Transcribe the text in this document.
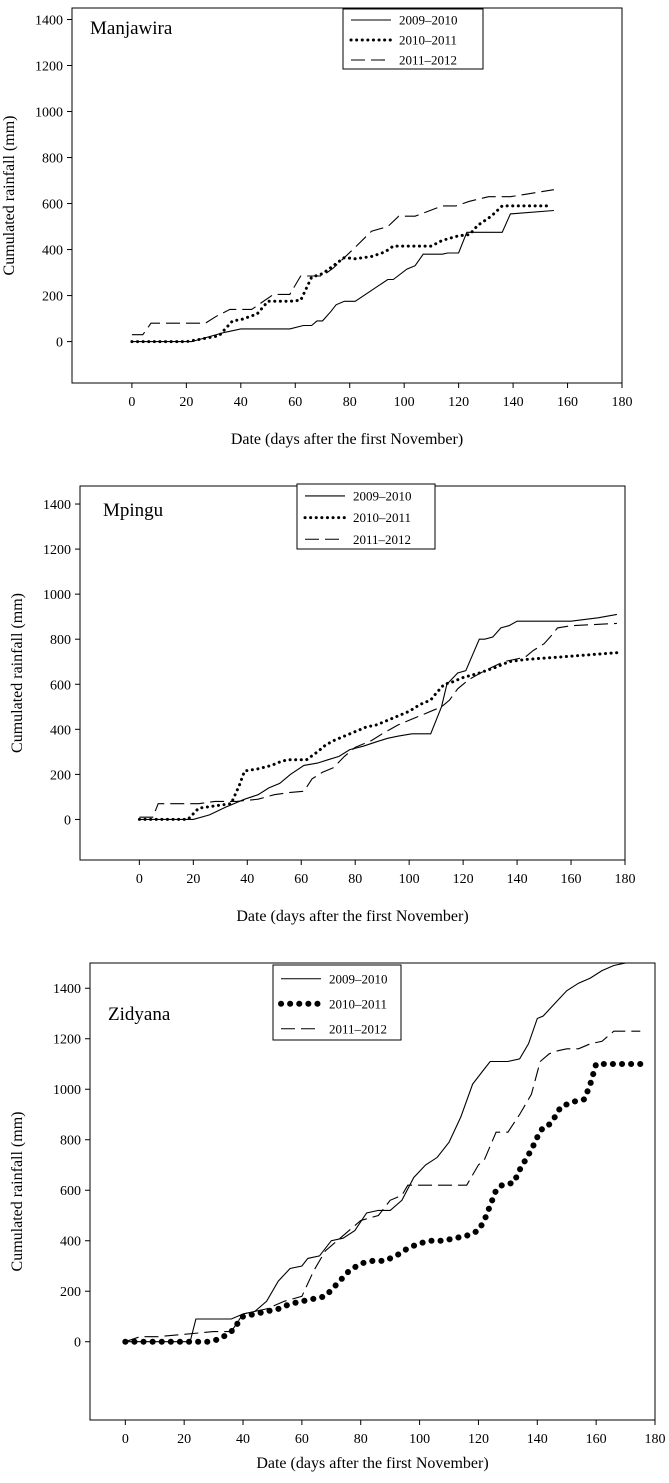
0	20	40	60	80	100 120 140 160 180
0
200
400
600
800
1000
1200
1400
Date (days after the first November)
Cumulated rainfall (mm)
Manjawira	2009–2010
2010–2011
2011–2012
0	20	40	60	80	100 120 140 160 180
0
200
400
600
800
1000
1200
1400
Date (days after the first November)
Cumulated rainfall (mm)
Mpingu
2009–2010
2010–2011
2011–2012
0	20	40	60	80	100	120	140	160	180
0
200
400
600
800
1000
1200
1400
Date (days after the first November)
Cumulated rainfall (mm)
Zidyana
2009–2010
2010–2011
2011–2012
